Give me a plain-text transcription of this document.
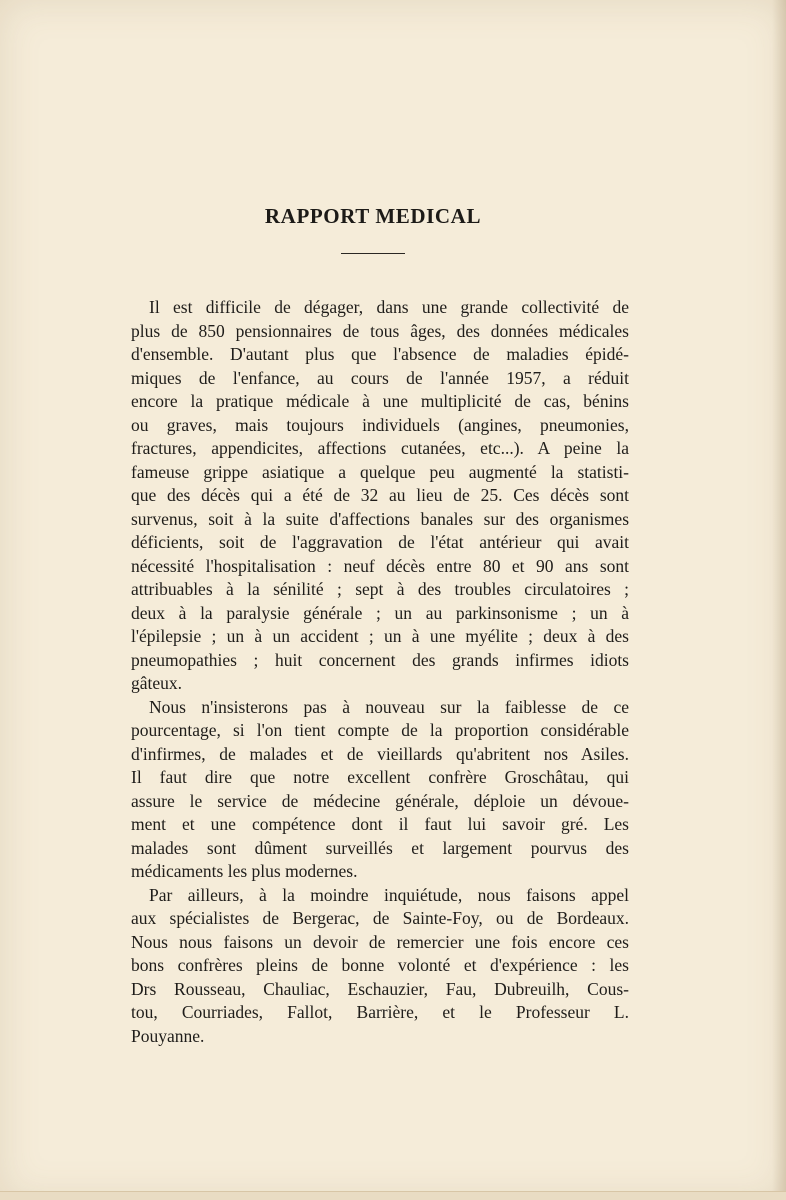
RAPPORT MEDICAL
Il est difficile de dégager, dans une grande collectivité de
plus de 850 pensionnaires de tous âges, des données médicales
d'ensemble. D'autant plus que l'absence de maladies épidé-
miques de l'enfance, au cours de l'année 1957, a réduit
encore la pratique médicale à une multiplicité de cas, bénins
ou graves, mais toujours individuels (angines, pneumonies,
fractures, appendicites, affections cutanées, etc...). A peine la
fameuse grippe asiatique a quelque peu augmenté la statisti-
que des décès qui a été de 32 au lieu de 25. Ces décès sont
survenus, soit à la suite d'affections banales sur des organismes
déficients, soit de l'aggravation de l'état antérieur qui avait
nécessité l'hospitalisation : neuf décès entre 80 et 90 ans sont
attribuables à la sénilité ; sept à des troubles circulatoires ;
deux à la paralysie générale ; un au parkinsonisme ; un à
l'épilepsie ; un à un accident ; un à une myélite ; deux à des
pneumopathies ; huit concernent des grands infirmes idiots
gâteux.
Nous n'insisterons pas à nouveau sur la faiblesse de ce
pourcentage, si l'on tient compte de la proportion considérable
d'infirmes, de malades et de vieillards qu'abritent nos Asiles.
Il faut dire que notre excellent confrère Groschâtau, qui
assure le service de médecine générale, déploie un dévoue-
ment et une compétence dont il faut lui savoir gré. Les
malades sont dûment surveillés et largement pourvus des
médicaments les plus modernes.
Par ailleurs, à la moindre inquiétude, nous faisons appel
aux spécialistes de Bergerac, de Sainte-Foy, ou de Bordeaux.
Nous nous faisons un devoir de remercier une fois encore ces
bons confrères pleins de bonne volonté et d'expérience : les
Drs Rousseau, Chauliac, Eschauzier, Fau, Dubreuilh, Cous-
tou, Courriades, Fallot, Barrière, et le Professeur L.
Pouyanne.
